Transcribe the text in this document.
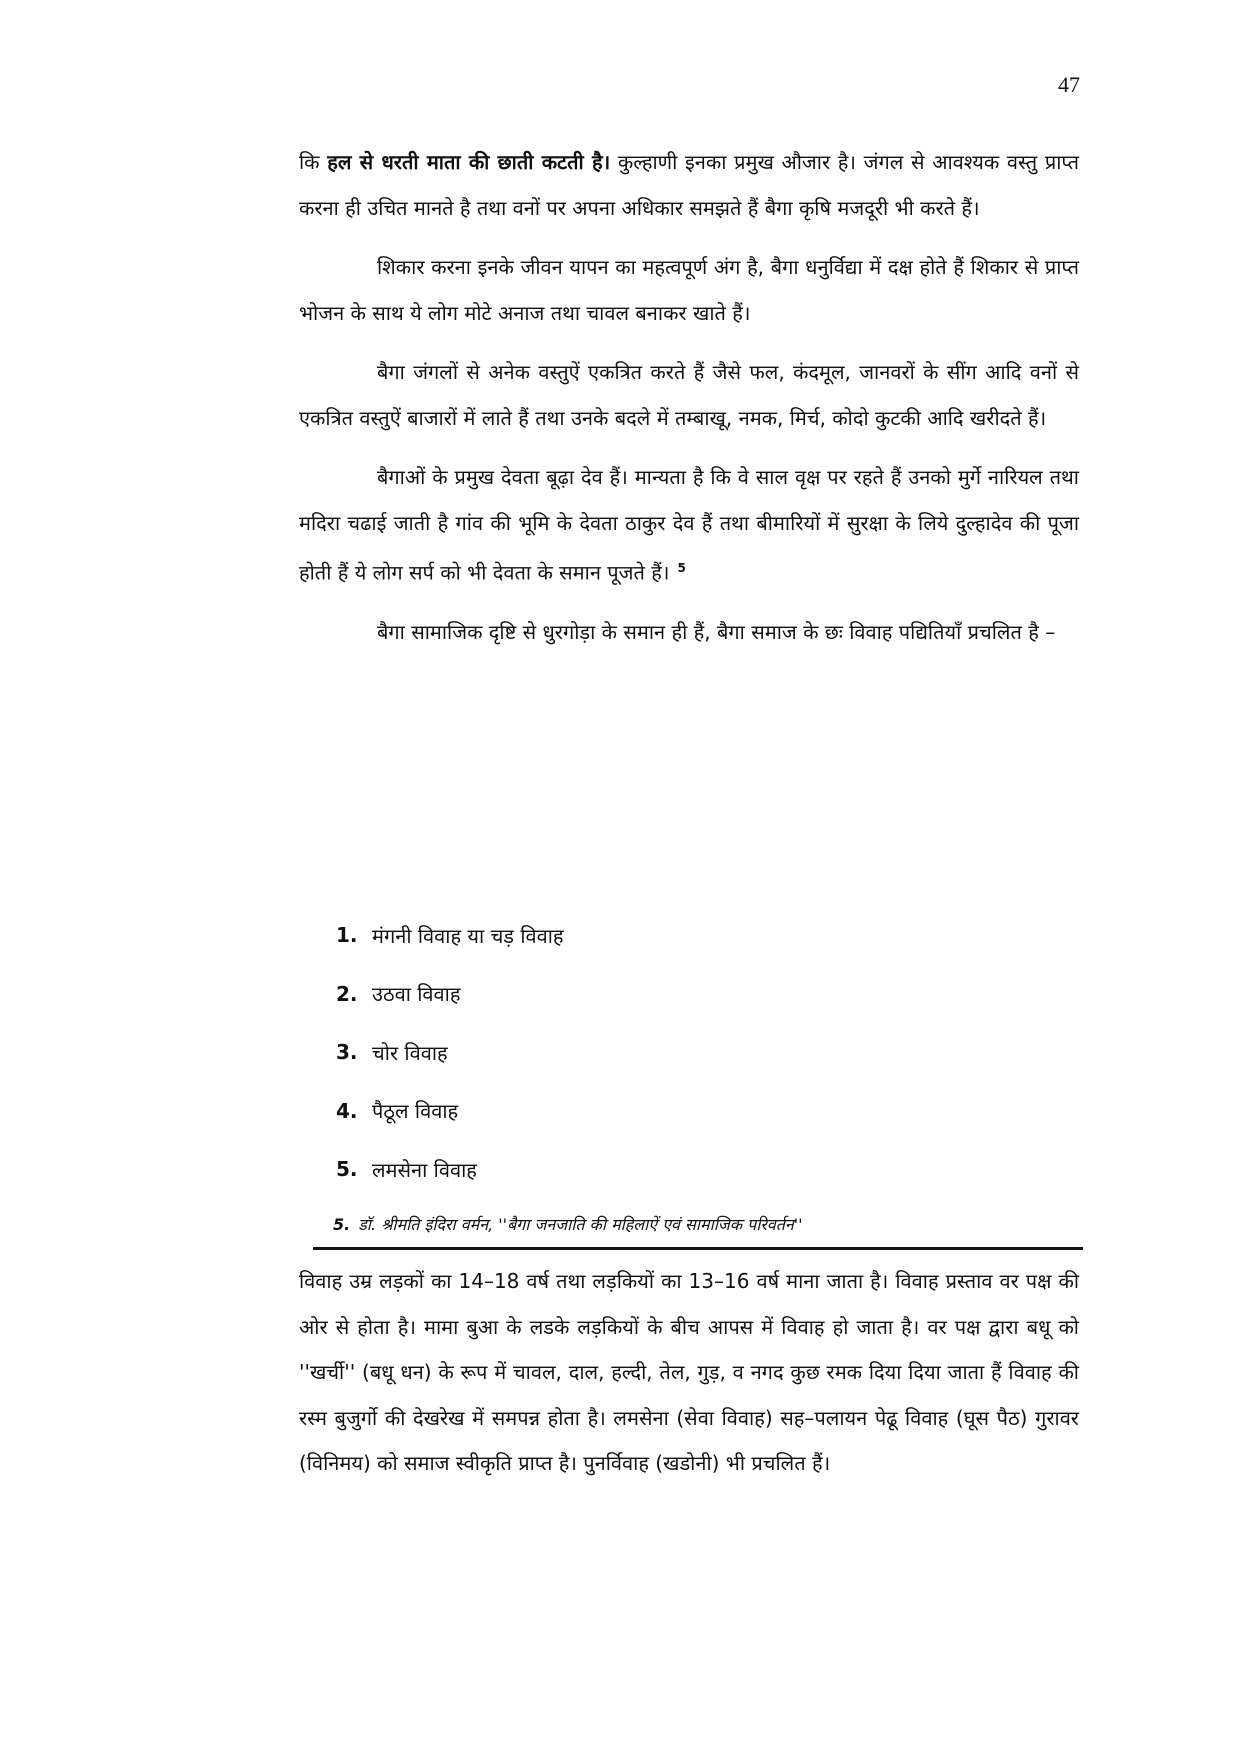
47

कि हल से धरती माता की छाती कटती है। कुल्हाणी इनका प्रमुख औजार है। जंगल से आवश्यक वस्तु प्राप्त करना ही उचित मानते है तथा वनों पर अपना अधिकार समझते हैं बैगा कृषि मजदूरी भी करते हैं।

शिकार करना इनके जीवन यापन का महत्वपूर्ण अंग है, बैगा धनुर्विद्या में दक्ष होते हैं शिकार से प्राप्त भोजन के साथ ये लोग मोटे अनाज तथा चावल बनाकर खाते हैं।

बैगा जंगलों से अनेक वस्तुऐं एकत्रित करते हैं जैसे फल, कंदमूल, जानवरों के सींग आदि वनों से एकत्रित वस्तुऐं बाजारों में लाते हैं तथा उनके बदले में तम्बाखू, नमक, मिर्च, कोदो कुटकी आदि खरीदते हैं।

बैगाओं के प्रमुख देवता बूढ़ा देव हैं। मान्यता है कि वे साल वृक्ष पर रहते हैं उनको मुर्गे नारियल तथा मदिरा चढाई जाती है गांव की भूमि के देवता ठाकुर देव हैं तथा बीमारियों में सुरक्षा के लिये दुल्हादेव की पूजा होती हैं ये लोग सर्प को भी देवता के समान पूजते हैं। $^5$

बैगा सामाजिक दृष्टि से धुरगोड़ा के समान ही हैं, बैगा समाज के छः विवाह पद्यितियाँ प्रचलित है –

1. मंगनी विवाह या चड़ विवाह
2. उठवा विवाह
3. चोर विवाह
4. पैठूल विवाह
5. लमसेना विवाह
5. डॉ. श्रीमति इंदिरा वर्मन, ''बैगा जनजाति की महिलाऐं एवं सामाजिक परिवर्तन''

विवाह उम्र लड़कों का 14–18 वर्ष तथा लड़कियों का 13–16 वर्ष माना जाता है। विवाह प्रस्ताव वर पक्ष की ओर से होता है। मामा बुआ के लडके लड़कियों के बीच आपस में विवाह हो जाता है। वर पक्ष द्वारा बधू को ''खर्ची'' (बधू धन) के रूप में चावल, दाल, हल्दी, तेल, गुड़, व नगद कुछ रमक दिया दिया जाता हैं विवाह की रस्म बुजुर्गो की देखरेख में समपन्न होता है। लमसेना (सेवा विवाह) सह–पलायन पेढू विवाह (घूस पैठ) गुरावर (विनिमय) को समाज स्वीकृति प्राप्त है। पुनर्विवाह (खडोनी) भी प्रचलित हैं।
